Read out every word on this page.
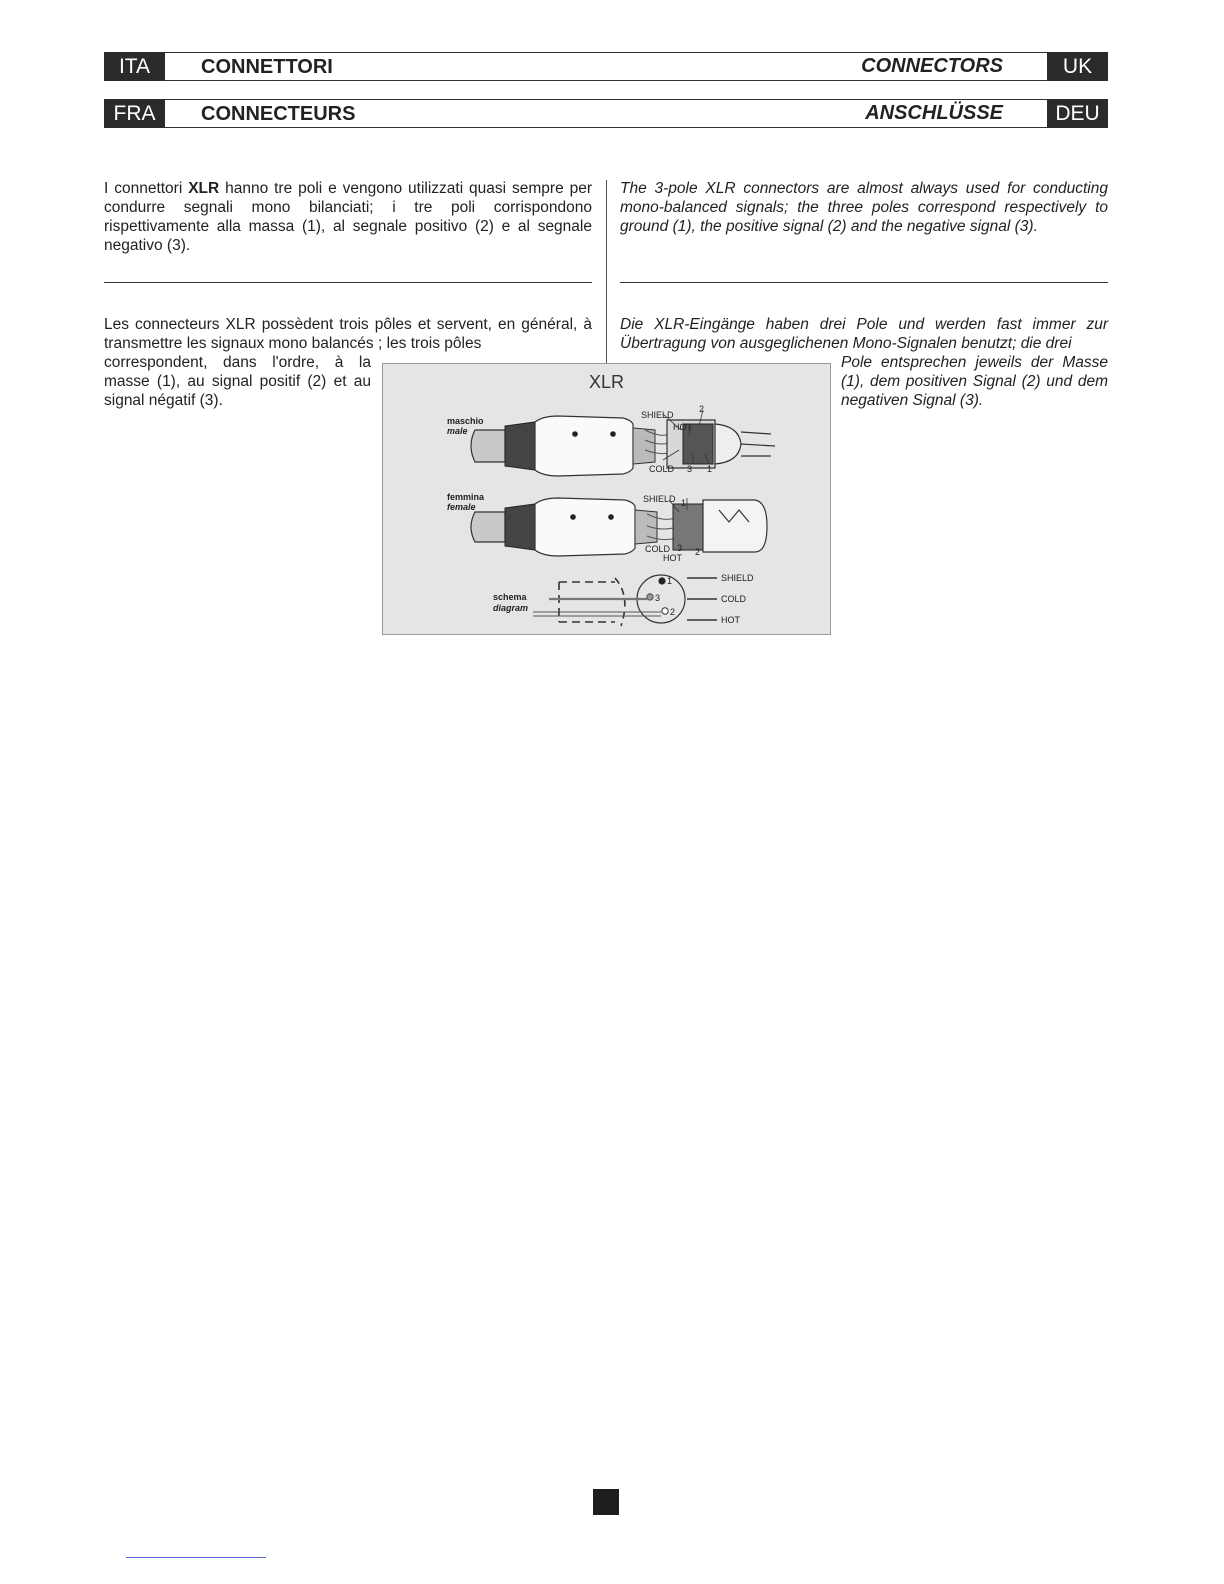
ITA	CONNETTORI	CONNECTORS	UK
FRA	CONNECTEURS	ANSCHLÜSSE	DEU
I connettori XLR hanno tre poli e vengono utilizzati quasi sempre per condurre segnali mono bilanciati; i tre poli corrispondono rispettivamente alla massa (1), al segnale positivo (2) e al segnale negativo (3).
The 3-pole XLR connectors are almost always used for conducting mono-balanced signals; the three poles correspond respectively to ground (1), the positive signal (2) and the negative signal (3).
Les connecteurs XLR possèdent trois pôles et servent, en général, à transmettre les signaux mono balancés ; les trois pôles
correspondent, dans l'ordre, à la masse (1), au signal positif (2) et au signal négatif (3).
Die XLR-Eingänge haben drei Pole und werden fast immer zur Übertragung von ausgeglichenen Mono-Signalen benutzt; die drei
Pole entsprechen jeweils der Masse (1), dem positiven Signal (2) und dem negativen Signal (3).
XLR
maschio
male
SHIELD
2
HOT
COLD 3 1
femmina
female
SHIELD 1
COLD 3 2
HOT
schema
diagram
1
3
2
SHIELD
COLD
HOT
